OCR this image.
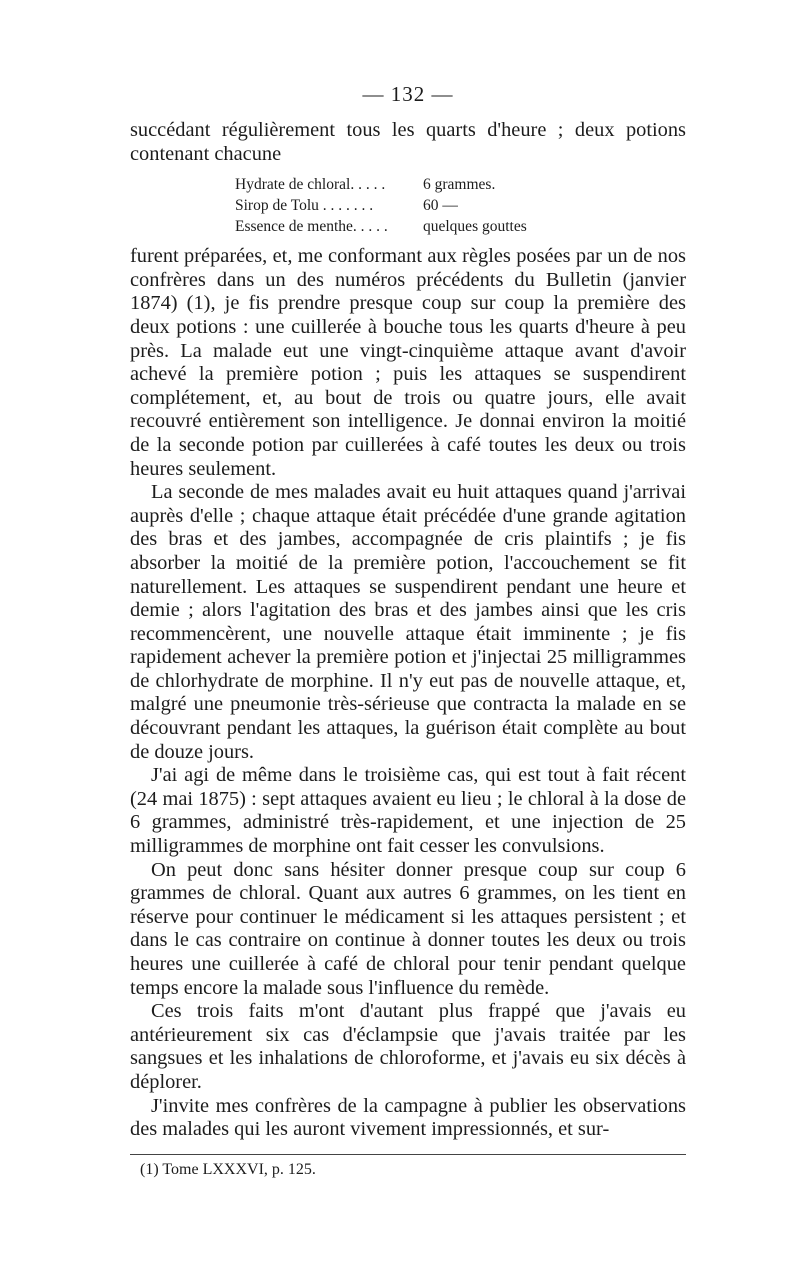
— 132 —

succédant régulièrement tous les quarts d'heure ; deux potions contenant chacune

Hydrate de chloral. . . . .	6 grammes.
Sirop de Tolu . . . . . . .	60 —
Essence de menthe. . . . .	quelques gouttes

furent préparées, et, me conformant aux règles posées par un de nos confrères dans un des numéros précédents du Bulletin (janvier 1874) (1), je fis prendre presque coup sur coup la première des deux potions : une cuillerée à bouche tous les quarts d'heure à peu près. La malade eut une vingt-cinquième attaque avant d'avoir achevé la première potion ; puis les attaques se suspendirent complétement, et, au bout de trois ou quatre jours, elle avait recouvré entièrement son intelligence. Je donnai environ la moitié de la seconde potion par cuillerées à café toutes les deux ou trois heures seulement.

La seconde de mes malades avait eu huit attaques quand j'arrivai auprès d'elle ; chaque attaque était précédée d'une grande agitation des bras et des jambes, accompagnée de cris plaintifs ; je fis absorber la moitié de la première potion, l'accouchement se fit naturellement. Les attaques se suspendirent pendant une heure et demie ; alors l'agitation des bras et des jambes ainsi que les cris recommencèrent, une nouvelle attaque était imminente ; je fis rapidement achever la première potion et j'injectai 25 milligrammes de chlorhydrate de morphine. Il n'y eut pas de nouvelle attaque, et, malgré une pneumonie très-sérieuse que contracta la malade en se découvrant pendant les attaques, la guérison était complète au bout de douze jours.

J'ai agi de même dans le troisième cas, qui est tout à fait récent (24 mai 1875) : sept attaques avaient eu lieu ; le chloral à la dose de 6 grammes, administré très-rapidement, et une injection de 25 milligrammes de morphine ont fait cesser les convulsions.

On peut donc sans hésiter donner presque coup sur coup 6 grammes de chloral. Quant aux autres 6 grammes, on les tient en réserve pour continuer le médicament si les attaques persistent ; et dans le cas contraire on continue à donner toutes les deux ou trois heures une cuillerée à café de chloral pour tenir pendant quelque temps encore la malade sous l'influence du remède.

Ces trois faits m'ont d'autant plus frappé que j'avais eu antérieurement six cas d'éclampsie que j'avais traitée par les sangsues et les inhalations de chloroforme, et j'avais eu six décès à déplorer.

J'invite mes confrères de la campagne à publier les observations des malades qui les auront vivement impressionnés, et sur-

(1) Tome LXXXVI, p. 125.
